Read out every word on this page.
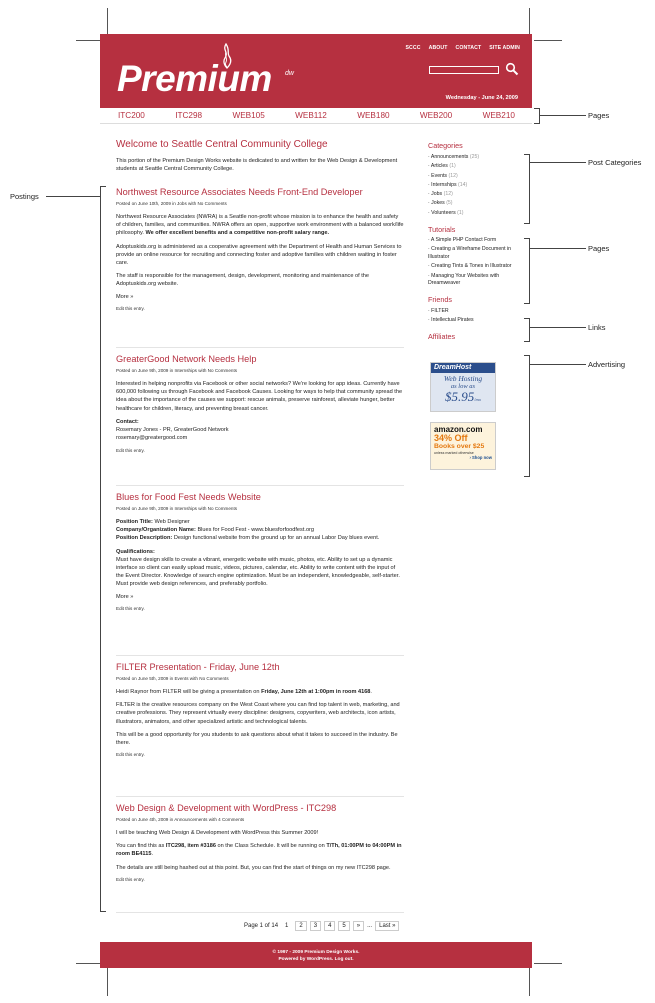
SCCC ABOUT CONTACT SITE ADMIN
Premium dw
Wednesday - June 24, 2009
ITC200	ITC298	WEB105	WEB112	WEB180	WEB200	WEB210
Welcome to Seattle Central Community College
This portion of the Premium Design Works website is dedicated to and written for the Web Design & Development students at Seattle Central Community College.
Northwest Resource Associates Needs Front-End Developer
Posted on June 10th, 2009 in Jobs with No Comments
Northwest Resource Associates (NWRA) is a Seattle non-profit whose mission is to enhance the health and safety of children, families, and communities. NWRA offers an open, supportive work environment with a balanced work/life philosophy. We offer excellent benefits and a competitive non-profit salary range.
Adoptuskids.org is administered as a cooperative agreement with the Department of Health and Human Services to provide an online resource for recruiting and connecting foster and adoptive families with children waiting in foster care.
The staff is responsible for the management, design, development, monitoring and maintenance of the Adoptuskids.org website.
More »
Edit this entry.
GreaterGood Network Needs Help
Posted on June 9th, 2009 in Internships with No Comments
Interested in helping nonprofits via Facebook or other social networks? We're looking for app ideas. Currently have 600,000 following us through Facebook and Facebook Causes. Looking for ways to help that community spread the idea about the importance of the causes we support: rescue animals, preserve rainforest, alleviate hunger, better healthcare for children, literacy, and preventing breast cancer.
Contact:
Rosemary Jones - PR, GreaterGood Network
rosemary@greatergood.com
Edit this entry.
Blues for Food Fest Needs Website
Posted on June 9th, 2009 in Internships with No Comments
Position Title: Web Designer
Company/Organization Name: Blues for Food Fest - www.bluesforfoodfest.org
Position Description: Design functional website from the ground up for an annual Labor Day blues event.
Qualifications:
Must have design skills to create a vibrant, energetic website with music, photos, etc. Ability to set up a dynamic interface so client can easily upload music, videos, pictures, calendar, etc. Ability to write content with the input of the Event Director. Knowledge of search engine optimization. Must be an independent, knowledgeable, self-starter. Must provide web design references, and preferably portfolio.
More »
Edit this entry.
FILTER Presentation - Friday, June 12th
Posted on June 5th, 2009 in Events with No Comments
Heidi Raynor from FILTER will be giving a presentation on Friday, June 12th at 1:00pm in room 4168.
FILTER is the creative resources company on the West Coast where you can find top talent in web, marketing, and creative professions. They represent virtually every discipline: designers, copywriters, web architects, icon artists, illustrators, animators, and other specialized artistic and technological talents.
This will be a good opportunity for you students to ask questions about what it takes to succeed in the industry. Be there.
Edit this entry.
Web Design & Development with WordPress - ITC298
Posted on June 4th, 2009 in Announcements with 4 Comments
I will be teaching Web Design & Development with WordPress this Summer 2009!
You can find this as ITC298, item #3186 on the Class Schedule. It will be running on T/Th, 01:00PM to 04:00PM in room BE4115.
The details are still being hashed out at this point. But, you can find the start of things on my new ITC298 page.
Edit this entry.
Categories
· Announcements (25)
· Articles (1)
· Events (12)
· Internships (14)
· Jobs (12)
· Jokes (5)
· Volunteers (1)
Tutorials
· A Simple PHP Contact Form
· Creating a Wireframe Document in Illustrator
· Creating Tints & Tones in Illustrator
· Managing Your Websites with Dreamweaver
Friends
· FILTER
· Intellectual Pirates
Affiliates
DreamHost
Web Hosting
as low as
$5.95/mo
amazon.com
34% Off
Books over $25
unless marked otherwise
› Shop now
Page 1 of 14	1	2	3	4	5	»	...	Last »
© 1997 - 2009 Premium Design Works.
Powered by WordPress. Log out.
Pages
Post Categories
Postings
Pages
Links
Advertising
